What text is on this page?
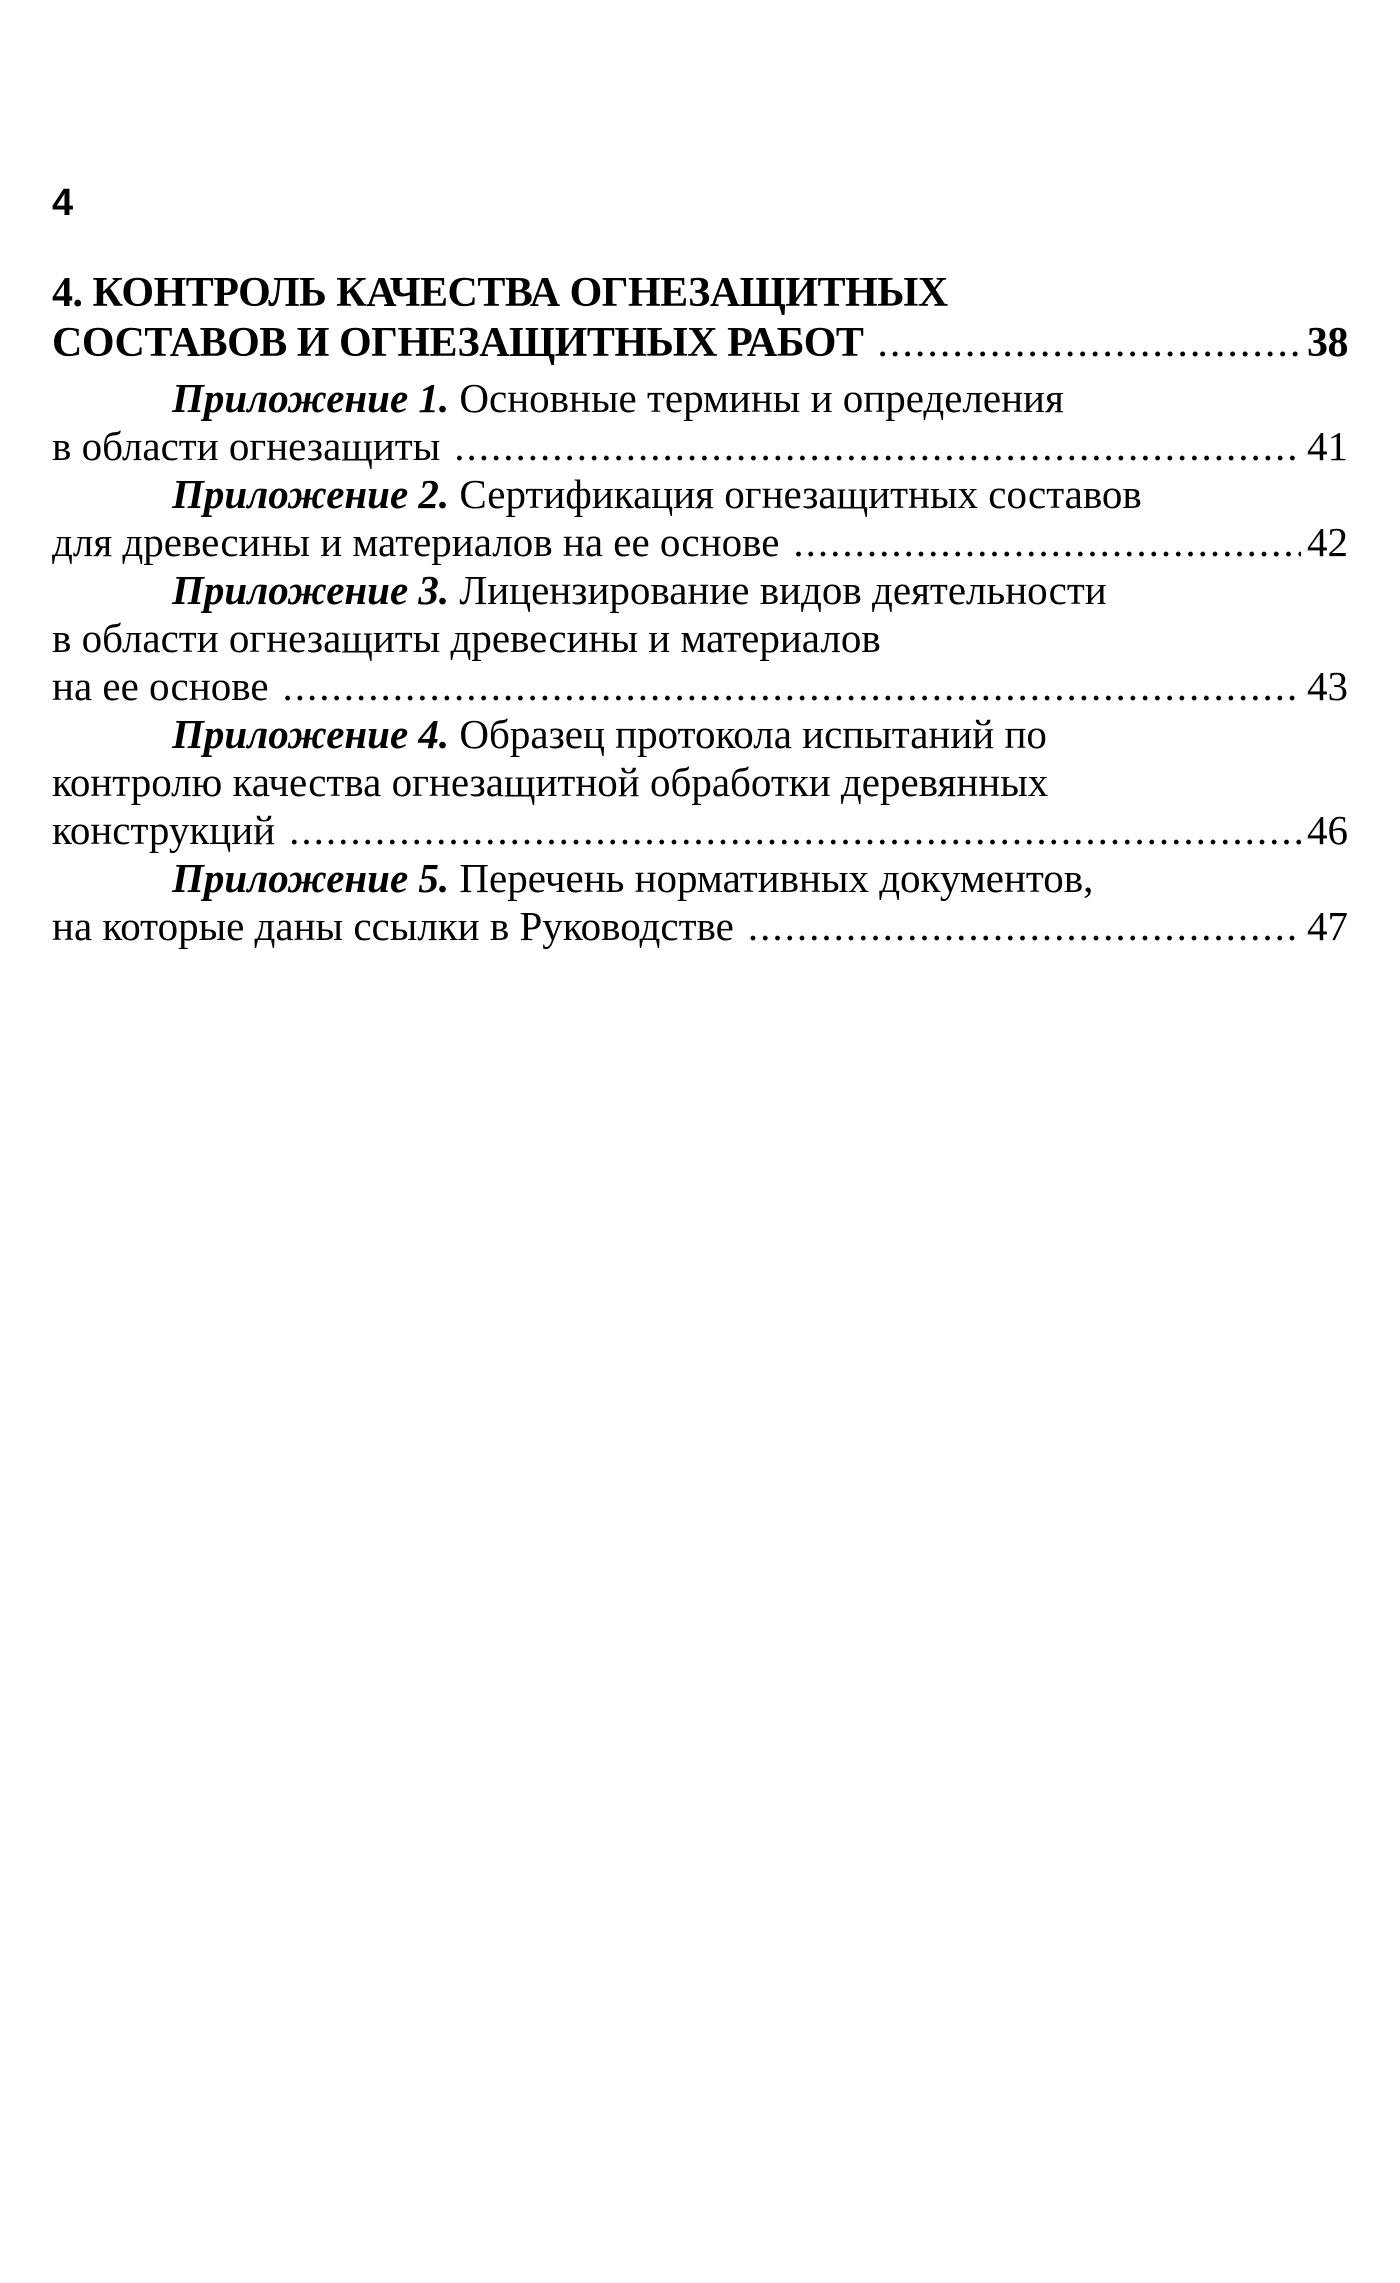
4
4. КОНТРОЛЬ КАЧЕСТВА ОГНЕЗАЩИТНЫХ
СОСТАВОВ И ОГНЕЗАЩИТНЫХ РАБОТ .....	38
Приложение 1. Основные термины и определения
в области огнезащиты .....	41
Приложение 2. Сертификация огнезащитных составов
для древесины и материалов на ее основе .....	42
Приложение 3. Лицензирование видов деятельности
в области огнезащиты древесины и материалов
на ее основе .....	43
Приложение 4. Образец протокола испытаний по
контролю качества огнезащитной обработки деревянных
конструкций .....	46
Приложение 5. Перечень нормативных документов,
на которые даны ссылки в Руководстве .....	47
